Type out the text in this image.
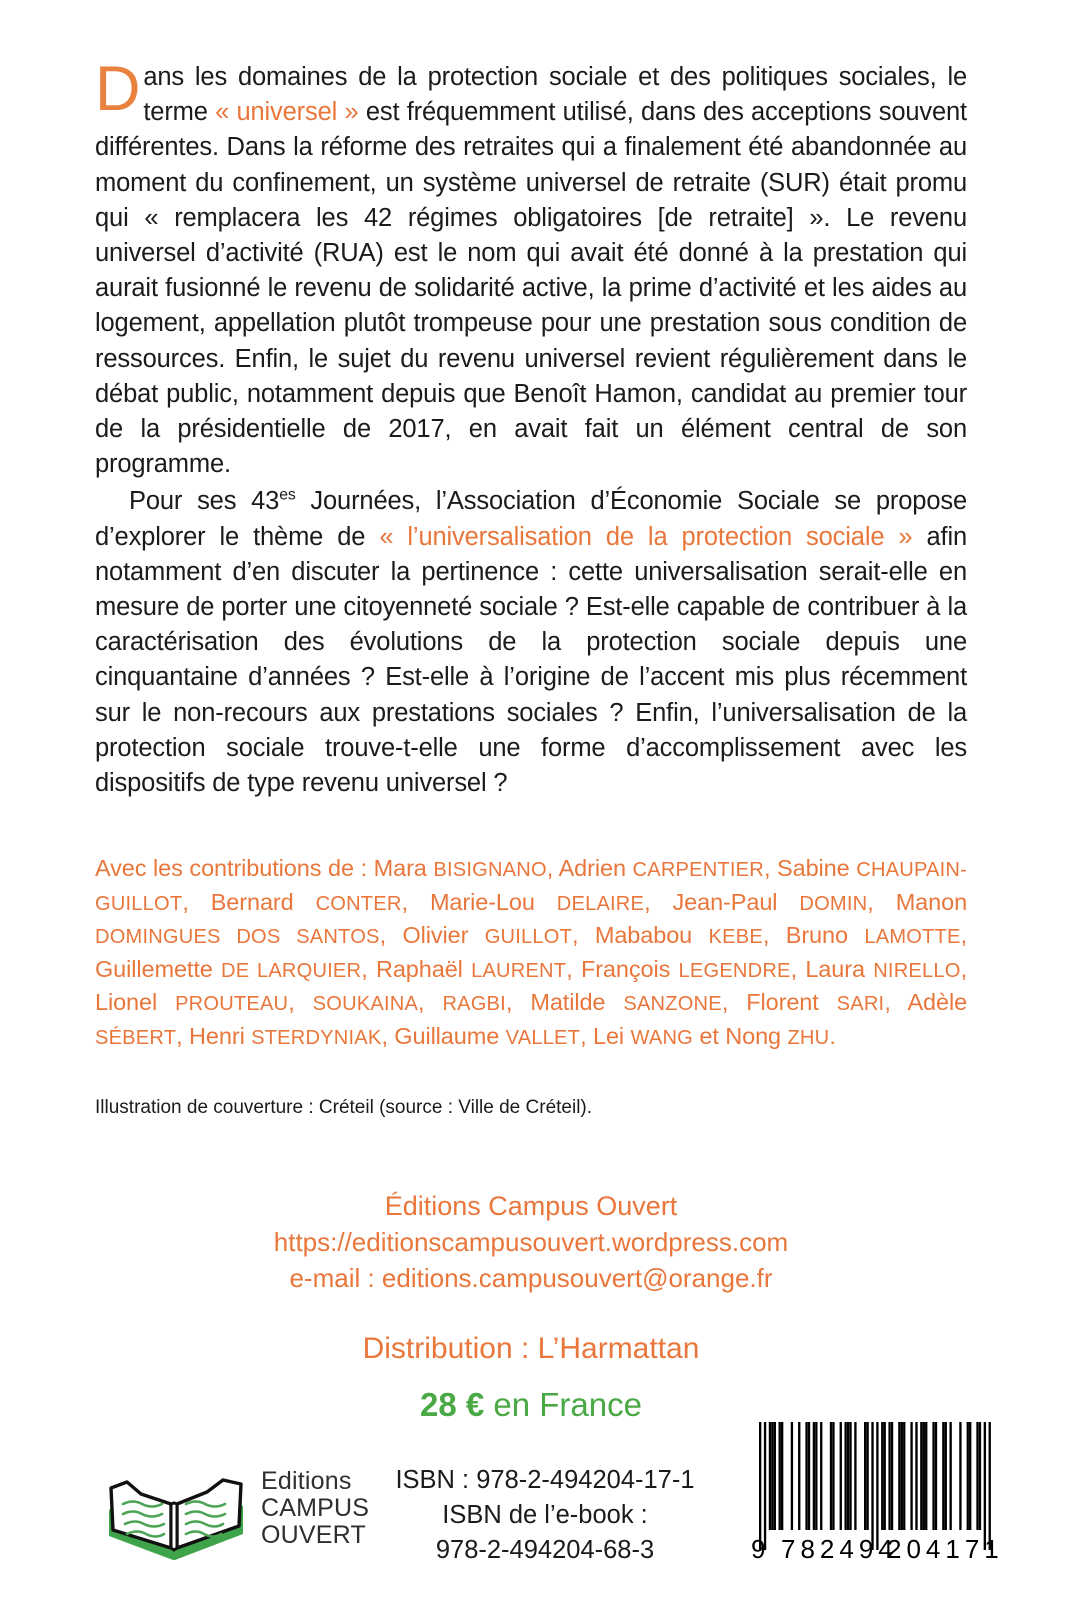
Dans les domaines de la protection sociale et des politiques sociales, le terme « universel » est fréquemment utilisé, dans des acceptions souvent différentes. Dans la réforme des retraites qui a finalement été abandonnée au moment du confinement, un système universel de retraite (SUR) était promu qui « remplacera les 42 régimes obligatoires [de retraite] ». Le revenu universel d’activité (RUA) est le nom qui avait été donné à la prestation qui aurait fusionné le revenu de solidarité active, la prime d’activité et les aides au logement, appellation plutôt trompeuse pour une prestation sous condition de ressources. Enfin, le sujet du revenu universel revient régulièrement dans le débat public, notamment depuis que Benoît Hamon, candidat au premier tour de la présidentielle de 2017, en avait fait un élément central de son programme.

Pour ses $43^{es}$ Journées, l’Association d’Économie Sociale se propose d’explorer le thème de « l’universalisation de la protection sociale » afin notamment d’en discuter la pertinence : cette universalisation serait-elle en mesure de porter une citoyenneté sociale ? Est-elle capable de contribuer à la caractérisation des évolutions de la protection sociale depuis une cinquantaine d’années ? Est-elle à l’origine de l’accent mis plus récemment sur le non-recours aux prestations sociales ? Enfin, l’universalisation de la protection sociale trouve-t-elle une forme d’accomplissement avec les dispositifs de type revenu universel ?

Avec les contributions de : Mara BISIGNANO, Adrien CARPENTIER, Sabine CHAUPAIN-GUILLOT, Bernard CONTER, Marie-Lou DELAIRE, Jean-Paul DOMIN, Manon DOMINGUES DOS SANTOS, Olivier GUILLOT, Mababou KEBE, Bruno LAMOTTE, Guillemette DE LARQUIER, Raphaël LAURENT, François LEGENDRE, Laura NIRELLO, Lionel PROUTEAU, SOUKAINA, RAGBI, Matilde SANZONE, Florent SARI, Adèle SÉBERT, Henri STERDYNIAK, Guillaume VALLET, Lei WANG et Nong ZHU.
Illustration de couverture : Créteil (source : Ville de Créteil).
Éditions Campus Ouvert
https://editionscampusouvert.wordpress.com
e-mail : editions.campusouvert@orange.fr
Distribution : L’Harmattan
28 € en France
Editions
CAMPUS
OUVERT
ISBN : 978-2-494204-17-1
ISBN de l’e-book :
978-2-494204-68-3	9 782494
204171
